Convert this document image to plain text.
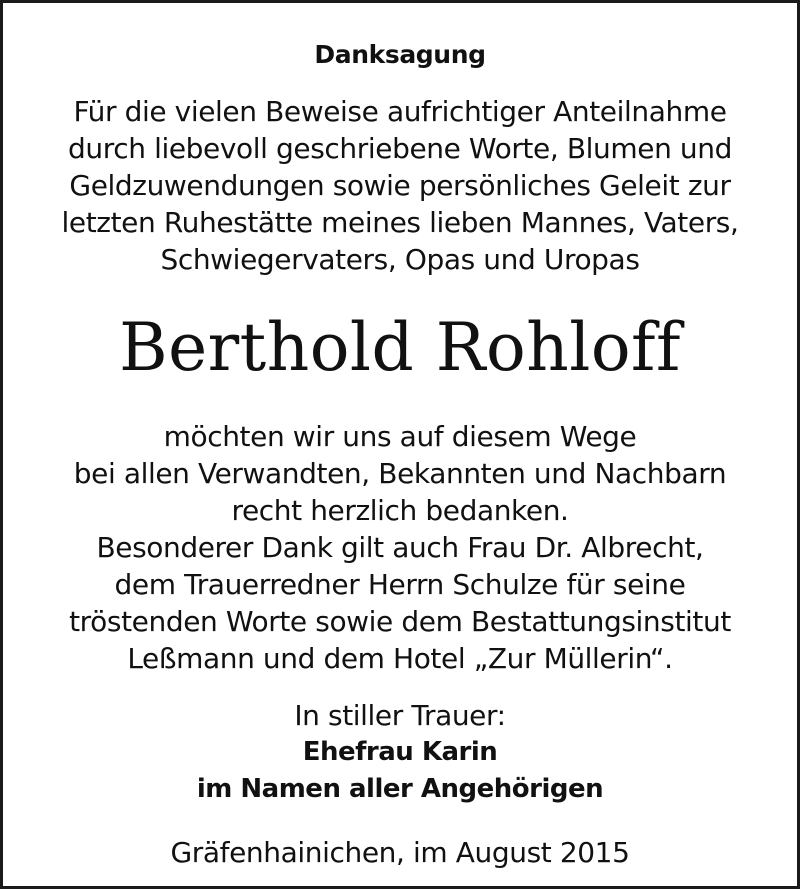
Danksagung
Für die vielen Beweise aufrichtiger Anteilnahme
durch liebevoll geschriebene Worte, Blumen und
Geldzuwendungen sowie persönliches Geleit zur
letzten Ruhestätte meines lieben Mannes, Vaters,
Schwiegervaters, Opas und Uropas
Berthold Rohloff
möchten wir uns auf diesem Wege
bei allen Verwandten, Bekannten und Nachbarn
recht herzlich bedanken.
Besonderer Dank gilt auch Frau Dr. Albrecht,
dem Trauerredner Herrn Schulze für seine
tröstenden Worte sowie dem Bestattungsinstitut
Leßmann und dem Hotel „Zur Müllerin“.
In stiller Trauer:
Ehefrau Karin
im Namen aller Angehörigen
Gräfenhainichen, im August 2015
